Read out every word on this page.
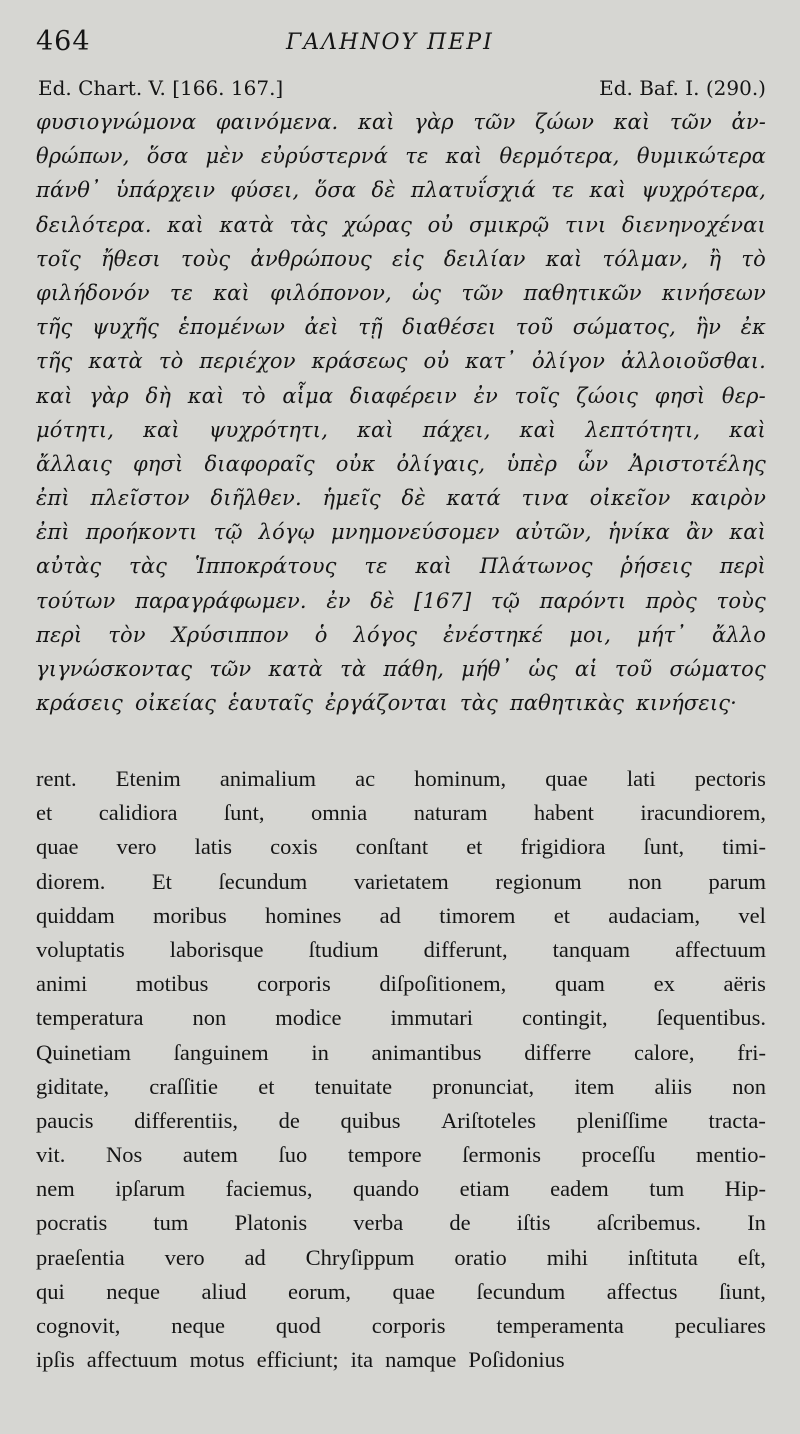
464	ΓΑΛΗΝΟΥ ΠΕΡΙ
Ed. Chart. V. [166. 167.]	Ed. Baf. I. (290.)
φυσιογνώμονα φαινόμενα. καὶ γὰρ τῶν ζώων καὶ τῶν ἀν-
θρώπων, ὅσα μὲν εὐρύστερνά τε καὶ θερμότερα, θυμικώτερα
πάνθ᾽ ὑπάρχειν φύσει, ὅσα δὲ πλατυΐσχιά τε καὶ ψυχρότερα,
δειλότερα. καὶ κατὰ τὰς χώρας οὐ σμικρῷ τινι διενηνοχέναι
τοῖς ἤθεσι τοὺς ἀνθρώπους εἰς δειλίαν καὶ τόλμαν, ἢ τὸ
φιλήδονόν τε καὶ φιλόπονον, ὡς τῶν παθητικῶν κινήσεων
τῆς ψυχῆς ἑπομένων ἀεὶ τῇ διαθέσει τοῦ σώματος, ἣν ἐκ
τῆς κατὰ τὸ περιέχον κράσεως οὐ κατ᾽ ὀλίγον ἀλλοιοῦσθαι.
καὶ γὰρ δὴ καὶ τὸ αἷμα διαφέρειν ἐν τοῖς ζώοις φησὶ θερ-
μότητι, καὶ ψυχρότητι, καὶ πάχει, καὶ λεπτότητι, καὶ
ἄλλαις φησὶ διαφοραῖς οὐκ ὀλίγαις, ὑπὲρ ὧν Ἀριστοτέλης
ἐπὶ πλεῖστον διῆλθεν. ἡμεῖς δὲ κατά τινα οἰκεῖον καιρὸν
ἐπὶ προήκοντι τῷ λόγῳ μνημονεύσομεν αὐτῶν, ἡνίκα ἂν καὶ
αὐτὰς τὰς Ἱπποκράτους τε καὶ Πλάτωνος ῥήσεις περὶ
τούτων παραγράφωμεν. ἐν δὲ [167] τῷ παρόντι πρὸς τοὺς
περὶ τὸν Χρύσιππον ὁ λόγος ἐνέστηκέ μοι, μήτ᾽ ἄλλο
γιγνώσκοντας τῶν κατὰ τὰ πάθη, μήθ᾽ ὡς αἱ τοῦ σώματος
κράσεις οἰκείας ἑαυταῖς ἐργάζονται τὰς παθητικὰς κινήσεις·
rent. Etenim animalium ac hominum, quae lati pectoris
et calidiora ſunt, omnia naturam habent iracundiorem,
quae vero latis coxis conſtant et frigidiora ſunt, timi-
diorem. Et ſecundum varietatem regionum non parum
quiddam moribus homines ad timorem et audaciam, vel
voluptatis laborisque ſtudium differunt, tanquam affectuum
animi motibus corporis diſpoſitionem, quam ex aëris
temperatura non modice immutari contingit, ſequentibus.
Quinetiam ſanguinem in animantibus differre calore, fri-
giditate, craſſitie et tenuitate pronunciat, item aliis non
paucis differentiis, de quibus Ariſtoteles pleniſſime tracta-
vit. Nos autem ſuo tempore ſermonis proceſſu mentio-
nem ipſarum faciemus, quando etiam eadem tum Hip-
pocratis tum Platonis verba de iſtis aſcribemus. In
praeſentia vero ad Chryſippum oratio mihi inſtituta eſt,
qui neque aliud eorum, quae ſecundum affectus ſiunt,
cognovit, neque quod corporis temperamenta peculiares
ipſis affectuum motus efficiunt; ita namque Poſidonius
